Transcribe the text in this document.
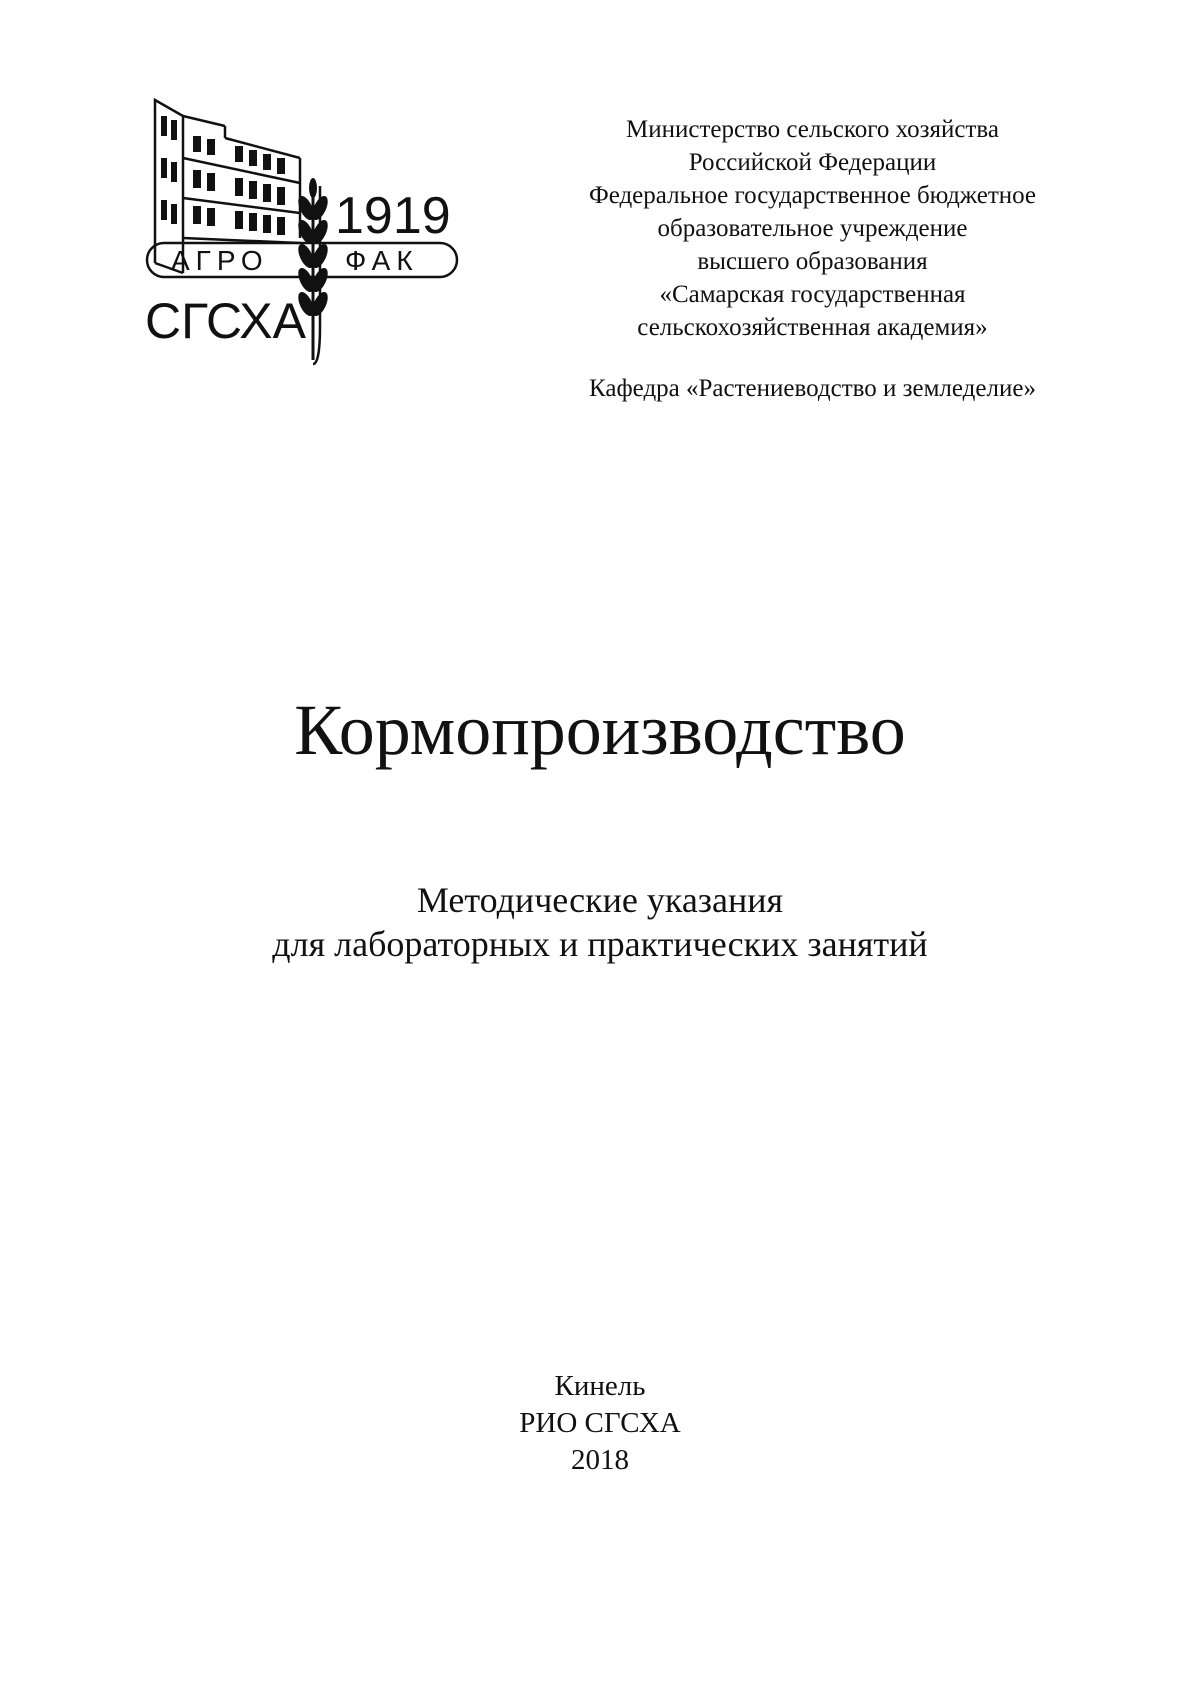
1919
АГРО	ФАК
СГСХА
Министерство сельского хозяйства
Российской Федерации
Федеральное государственное бюджетное
образовательное учреждение
высшего образования
«Самарская государственная
сельскохозяйственная академия»
Кафедра «Растениеводство и земледелие»
Кормопроизводство
Методические указания
для лабораторных и практических занятий
Кинель
РИО СГСХА
2018
